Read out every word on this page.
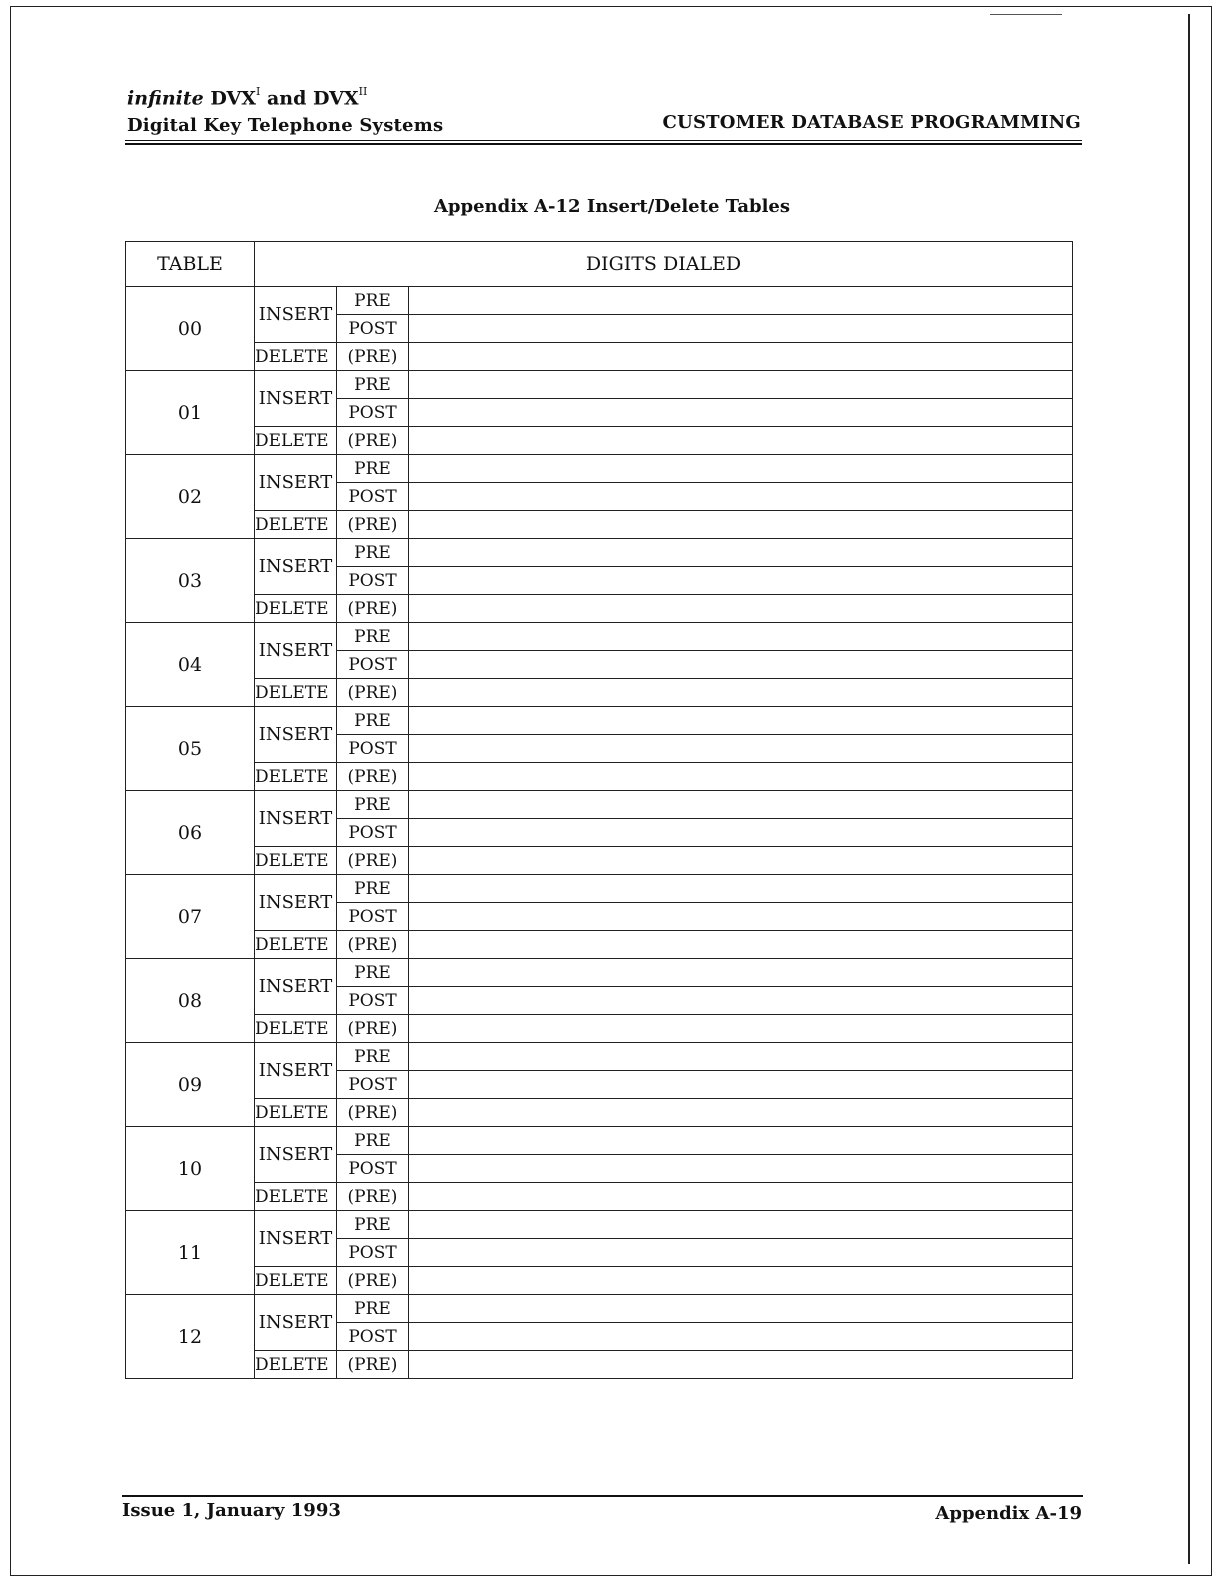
infinite $DVX^I$ and $DVX^{II}$
Digital Key Telephone Systems	CUSTOMER DATABASE PROGRAMMING
Appendix A-12 Insert/Delete Tables
TABLE	DIGITS DIALED		
00	INSERT	PRE	
		POST	
	DELETE	(PRE)	
01	INSERT	PRE	
		POST	
	DELETE	(PRE)	
02	INSERT	PRE	
		POST	
	DELETE	(PRE)	
03	INSERT	PRE	
		POST	
	DELETE	(PRE)	
04	INSERT	PRE	
		POST	
	DELETE	(PRE)	
05	INSERT	PRE	
		POST	
	DELETE	(PRE)	
06	INSERT	PRE	
		POST	
	DELETE	(PRE)	
07	INSERT	PRE	
		POST	
	DELETE	(PRE)	
08	INSERT	PRE	
		POST	
	DELETE	(PRE)	
09	INSERT	PRE	
		POST	
	DELETE	(PRE)	
10	INSERT	PRE	
		POST	
	DELETE	(PRE)	
11	INSERT	PRE	
		POST	
	DELETE	(PRE)	
12	INSERT	PRE	
		POST	
	DELETE	(PRE)	
Issue 1, January 1993	Appendix A-19
